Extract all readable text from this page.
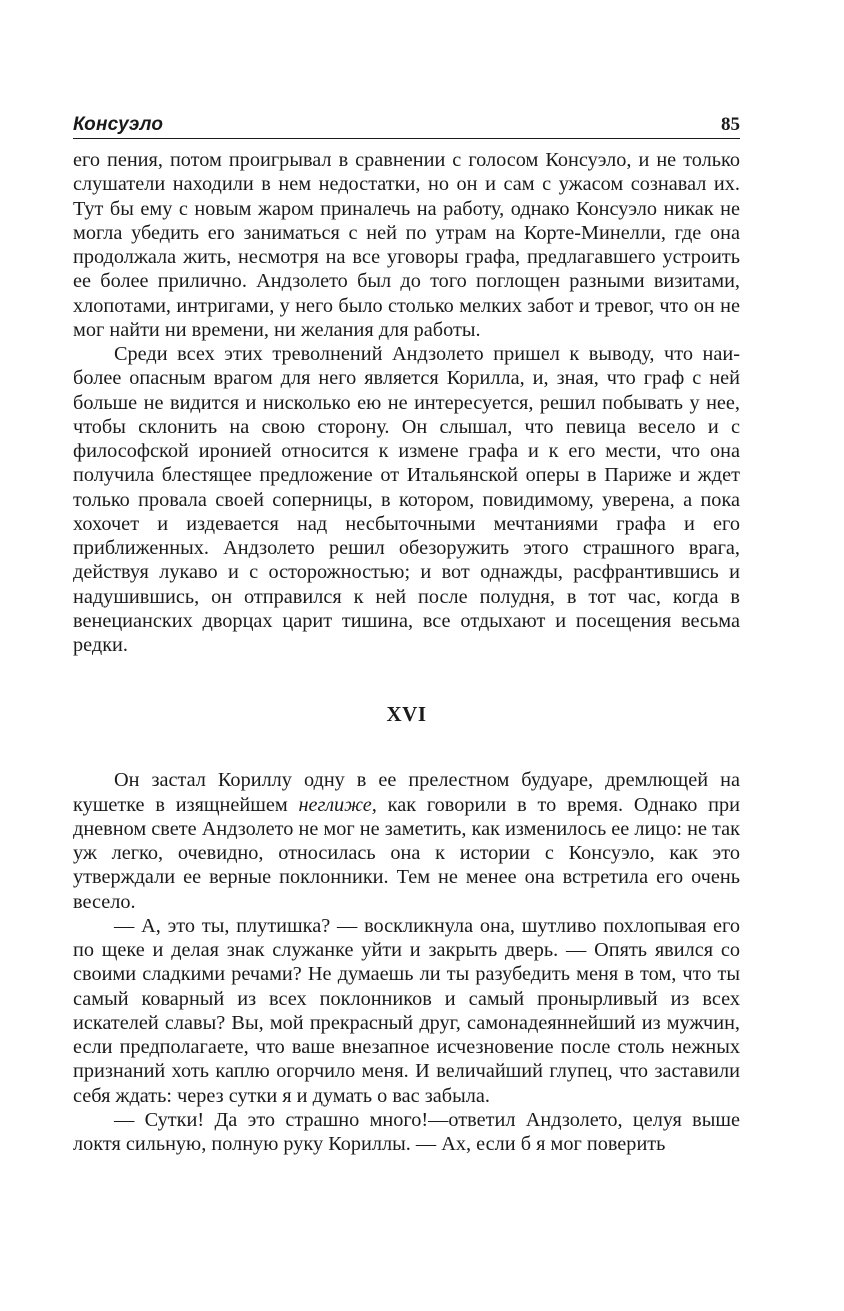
Консуэло	85

его пения, потом проигрывал в сравнении с голосом Консуэло, и не только слушатели находили в нем недостатки, но он и сам с ужасом сознавал их. Тут бы ему с новым жаром приналечь на работу, однако Консуэло никак не могла убедить его заниматься с ней по утрам на Корте-Минелли, где она продолжала жить, несмотря на все уговоры графа, предлагавшего устроить ее более прилично. Андзолето был до того поглощен разными визитами, хлопотами, интригами, у него было столько мелких забот и тревог, что он не мог найти ни времени, ни желания для работы.

Среди всех этих треволнений Андзолето пришел к выводу, что наиболее опасным врагом для него является Корилла, и, зная, что граф с ней больше не видится и нисколько ею не интересуется, решил побывать у нее, чтобы склонить на свою сторону. Он слышал, что певица весело и с философской иронией относится к измене графа и к его мести, что она получила блестящее предложение от Итальянской оперы в Париже и ждет только провала своей соперницы, в котором, повидимому, уверена, а пока хохочет и издевается над несбыточными мечтаниями графа и его приближенных. Андзолето решил обезоружить этого страшного врага, действуя лукаво и с осторожностью; и вот однажды, расфрантившись и надушившись, он отправился к ней после полудня, в тот час, когда в венецианских дворцах царит тишина, все отдыхают и посещения весьма редки.

XVI

Он застал Кориллу одну в ее прелестном будуаре, дремлющей на кушетке в изящнейшем неглиже, как говорили в то время. Однако при дневном свете Андзолето не мог не заметить, как изменилось ее лицо: не так уж легко, очевидно, относилась она к истории с Консуэло, как это утверждали ее верные поклонники. Тем не менее она встретила его очень весело.

— А, это ты, плутишка? — воскликнула она, шутливо похлопывая его по щеке и делая знак служанке уйти и закрыть дверь. — Опять явился со своими сладкими речами? Не думаешь ли ты разубедить меня в том, что ты самый коварный из всех поклонников и самый пронырливый из всех искателей славы? Вы, мой прекрасный друг, самонадеяннейший из мужчин, если предполагаете, что ваше внезапное исчезновение после столь нежных признаний хоть каплю огорчило меня. И величайший глупец, что заставили себя ждать: через сутки я и думать о вас забыла.

— Сутки! Да это страшно много!—ответил Андзолето, целуя выше локтя сильную, полную руку Кориллы. — Ах, если б я мог поверить
